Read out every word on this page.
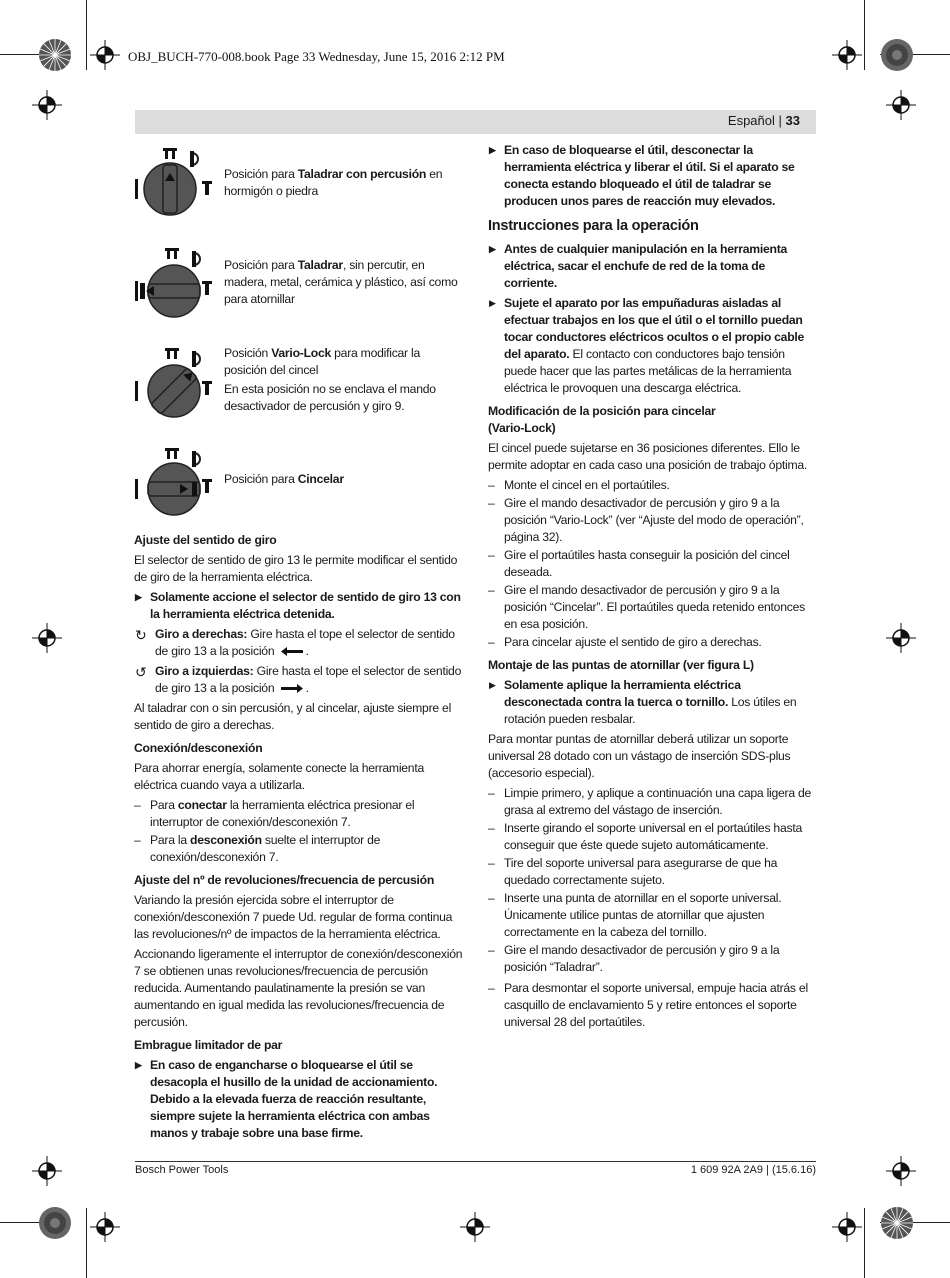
OBJ_BUCH-770-008.book Page 33 Wednesday, June 15, 2016 2:12 PM
Español | 33
Posición para Taladrar con percusión en hormigón o piedra
Posición para Taladrar, sin percutir, en madera, metal, cerámica y plástico, así como para atornillar
Posición Vario-Lock para modificar la posición del cincel
En esta posición no se enclava el mando desactivador de percusión y giro 9.
Posición para Cincelar

Ajuste del sentido de giro

El selector de sentido de giro 13 le permite modificar el sentido de giro de la herramienta eléctrica.

▶ Solamente accione el selector de sentido de giro 13 con la herramienta eléctrica detenida.

↻ Giro a derechas: Gire hasta el tope el selector de sentido de giro 13 a la posición  .

↺ Giro a izquierdas: Gire hasta el tope el selector de sentido de giro 13 a la posición  .

Al taladrar con o sin percusión, y al cincelar, ajuste siempre el sentido de giro a derechas.

Conexión/desconexión

Para ahorrar energía, solamente conecte la herramienta eléctrica cuando vaya a utilizarla.

– Para conectar la herramienta eléctrica presionar el interruptor de conexión/desconexión 7.

– Para la desconexión suelte el interruptor de conexión/desconexión 7.

Ajuste del nº de revoluciones/frecuencia de percusión

Variando la presión ejercida sobre el interruptor de conexión/desconexión 7 puede Ud. regular de forma continua las revoluciones/nº de impactos de la herramienta eléctrica.

Accionando ligeramente el interruptor de conexión/desconexión 7 se obtienen unas revoluciones/frecuencia de percusión reducida. Aumentando paulatinamente la presión se van aumentando en igual medida las revoluciones/frecuencia de percusión.

Embrague limitador de par

▶ En caso de engancharse o bloquearse el útil se desacopla el husillo de la unidad de accionamiento. Debido a la elevada fuerza de reacción resultante, siempre sujete la herramienta eléctrica con ambas manos y trabaje sobre una base firme.

▶ En caso de bloquearse el útil, desconectar la herramienta eléctrica y liberar el útil. Si el aparato se conecta estando bloqueado el útil de taladrar se producen unos pares de reacción muy elevados.

Instrucciones para la operación

▶ Antes de cualquier manipulación en la herramienta eléctrica, sacar el enchufe de red de la toma de corriente.

▶ Sujete el aparato por las empuñaduras aisladas al efectuar trabajos en los que el útil o el tornillo puedan tocar conductores eléctricos ocultos o el propio cable del aparato. El contacto con conductores bajo tensión puede hacer que las partes metálicas de la herramienta eléctrica le provoquen una descarga eléctrica.

Modificación de la posición para cincelar

(Vario-Lock)

El cincel puede sujetarse en 36 posiciones diferentes. Ello le permite adoptar en cada caso una posición de trabajo óptima.

– Monte el cincel en el portaútiles.

– Gire el mando desactivador de percusión y giro 9 a la posición “Vario-Lock” (ver “Ajuste del modo de operación”, página 32).

– Gire el portaútiles hasta conseguir la posición del cincel deseada.

– Gire el mando desactivador de percusión y giro 9 a la posición “Cincelar”. El portaútiles queda retenido entonces en esa posición.

– Para cincelar ajuste el sentido de giro a derechas.

Montaje de las puntas de atornillar (ver figura L)

▶ Solamente aplique la herramienta eléctrica desconectada contra la tuerca o tornillo. Los útiles en rotación pueden resbalar.

Para montar puntas de atornillar deberá utilizar un soporte universal 28 dotado con un vástago de inserción SDS-plus (accesorio especial).

– Limpie primero, y aplique a continuación una capa ligera de grasa al extremo del vástago de inserción.

– Inserte girando el soporte universal en el portaútiles hasta conseguir que éste quede sujeto automáticamente.

– Tire del soporte universal para asegurarse de que ha quedado correctamente sujeto.

– Inserte una punta de atornillar en el soporte universal. Únicamente utilice puntas de atornillar que ajusten correctamente en la cabeza del tornillo.

– Gire el mando desactivador de percusión y giro 9 a la posición “Taladrar”.

– Para desmontar el soporte universal, empuje hacia atrás el casquillo de enclavamiento 5 y retire entonces el soporte universal 28 del portaútiles.

Bosch Power Tools	1 609 92A 2A9 | (15.6.16)
